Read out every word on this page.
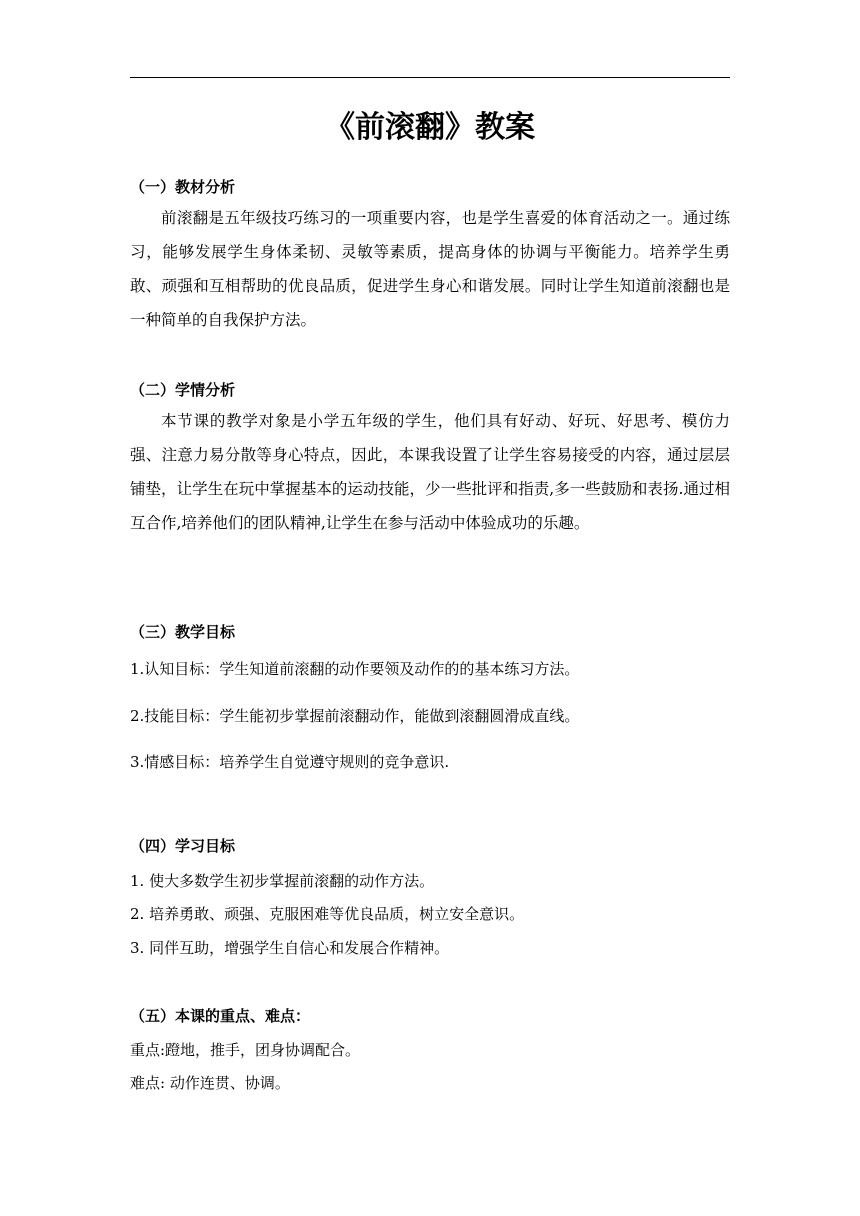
《前滚翻》教案
（一）教材分析

前滚翻是五年级技巧练习的一项重要内容，也是学生喜爱的体育活动之一。通过练习，能够发展学生身体柔韧、灵敏等素质，提高身体的协调与平衡能力。培养学生勇敢、顽强和互相帮助的优良品质，促进学生身心和谐发展。同时让学生知道前滚翻也是一种简单的自我保护方法。

（二）学情分析

本节课的教学对象是小学五年级的学生，他们具有好动、好玩、好思考、模仿力强、注意力易分散等身心特点，因此，本课我设置了让学生容易接受的内容，通过层层铺垫，让学生在玩中掌握基本的运动技能，少一些批评和指责,多一些鼓励和表扬.通过相互合作,培养他们的团队精神,让学生在参与活动中体验成功的乐趣。

（三）教学目标

1.认知目标：学生知道前滚翻的动作要领及动作的的基本练习方法。

2.技能目标：学生能初步掌握前滚翻动作，能做到滚翻圆滑成直线。

3.情感目标：培养学生自觉遵守规则的竞争意识.

（四）学习目标

1. 使大多数学生初步掌握前滚翻的动作方法。

2. 培养勇敢、顽强、克服困难等优良品质，树立安全意识。

3. 同伴互助，增强学生自信心和发展合作精神。

（五）本课的重点、难点：

重点:蹬地，推手，团身协调配合。

难点: 动作连贯、协调。
